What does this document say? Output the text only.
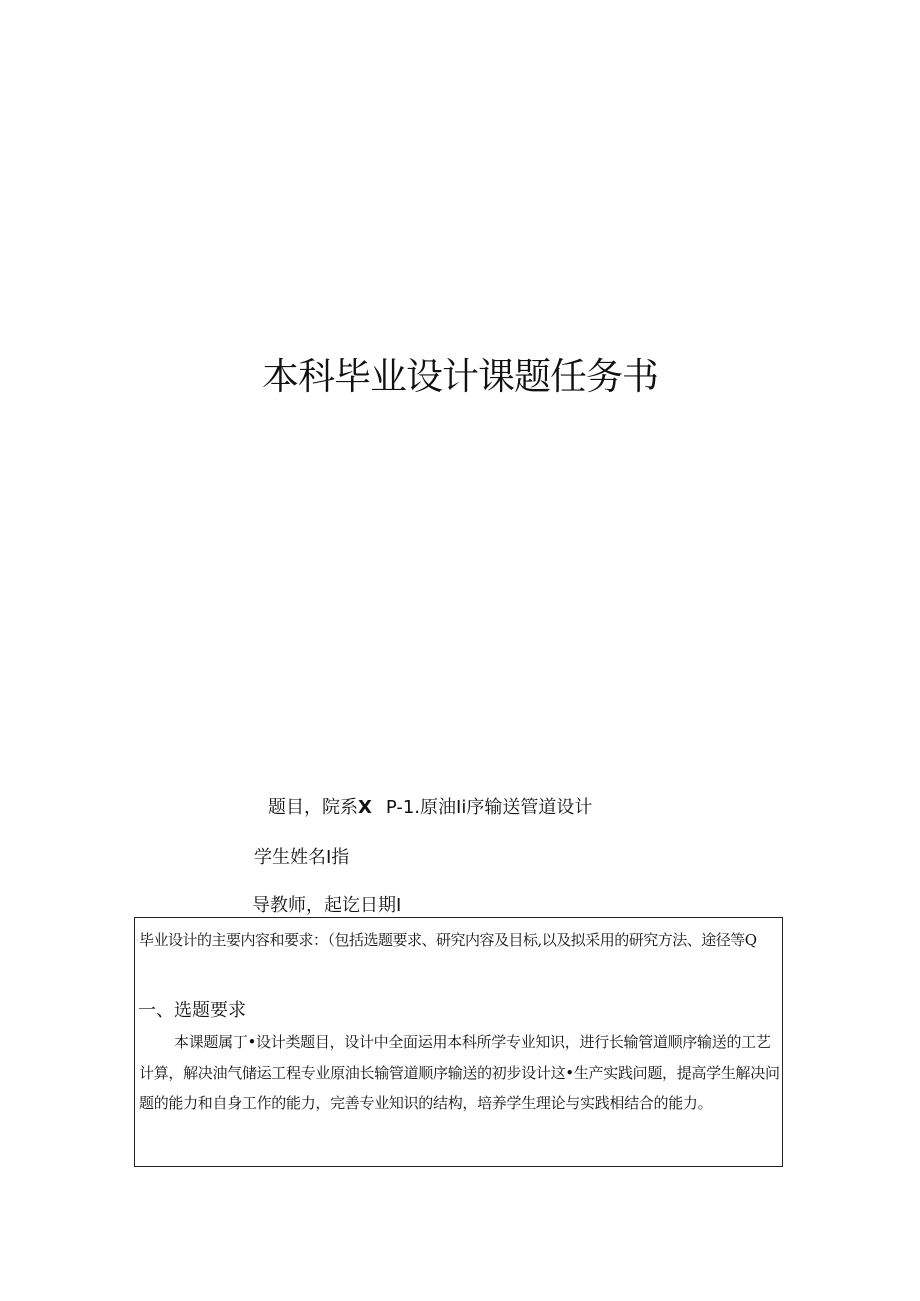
本科毕业设计课题任务书
题目，院系X P-1.原油Ii序输送管道设计
学生姓名I指
导教师，起讫日期I
毕业设计的主要内容和要求：（包括选题要求、研究内容及目标,以及拟采用的研究方法、途径等Q
一、选题要求

本课题属丁•设计类题目，设计中全面运用本科所学专业知识，进行长输管道顺序输送的工艺计算，解决油气储运工程专业原油长输管道顺序输送的初步设计这•生产实践问题，提高学生解决问题的能力和自身工作的能力，完善专业知识的结构，培养学生理论与实践相结合的能力。
